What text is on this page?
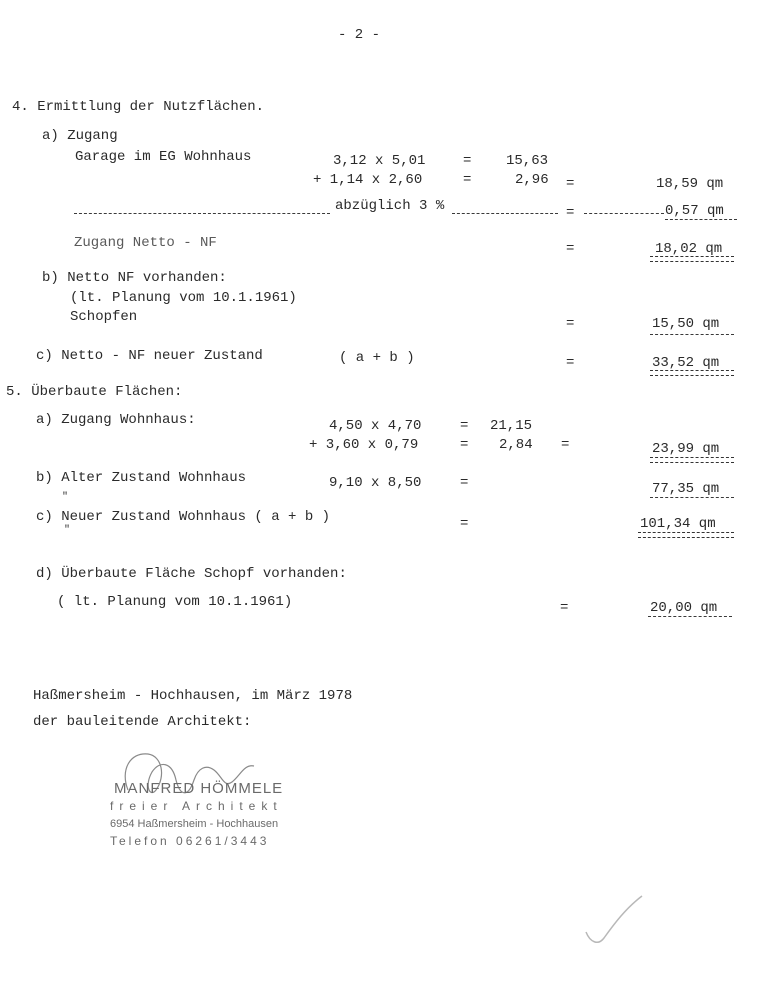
- 2 -
4. Ermittlung der Nutzflächen.
a) Zugang
Garage im EG Wohnhaus	3,12 x 5,01	= 15,63
+ 1,14 x 2,60	=	2,96 =	18,59 qm
abzüglich 3 %	=	0,57 qm
Zugang Netto - NF	=	18,02 qm
b) Netto NF vorhanden:
(lt. Planung vom 10.1.1961)
Schopfen	=	15,50 qm
c) Netto - NF neuer Zustand	( a + b )	=	33,52 qm
5. Überbaute Flächen:
a) Zugang Wohnhaus:	4,50 x 4,70	= 21,15
+ 3,60 x 0,79	= 2,84 =	23,99 qm
b) Alter Zustand Wohnhaus	9,10 x 8,50	=	77,35 qm
"
c) Neuer Zustand Wohnhaus ( a + b )	=	101,34 qm
"
d) Überbaute Fläche Schopf vorhanden:
( lt. Planung vom 10.1.1961)	=	20,00 qm
Haßmersheim - Hochhausen, im März 1978
der bauleitende Architekt:
MANFRED HÖMMELE
freier Architekt
6954 Haßmersheim - Hochhausen
Telefon 06261/3443
